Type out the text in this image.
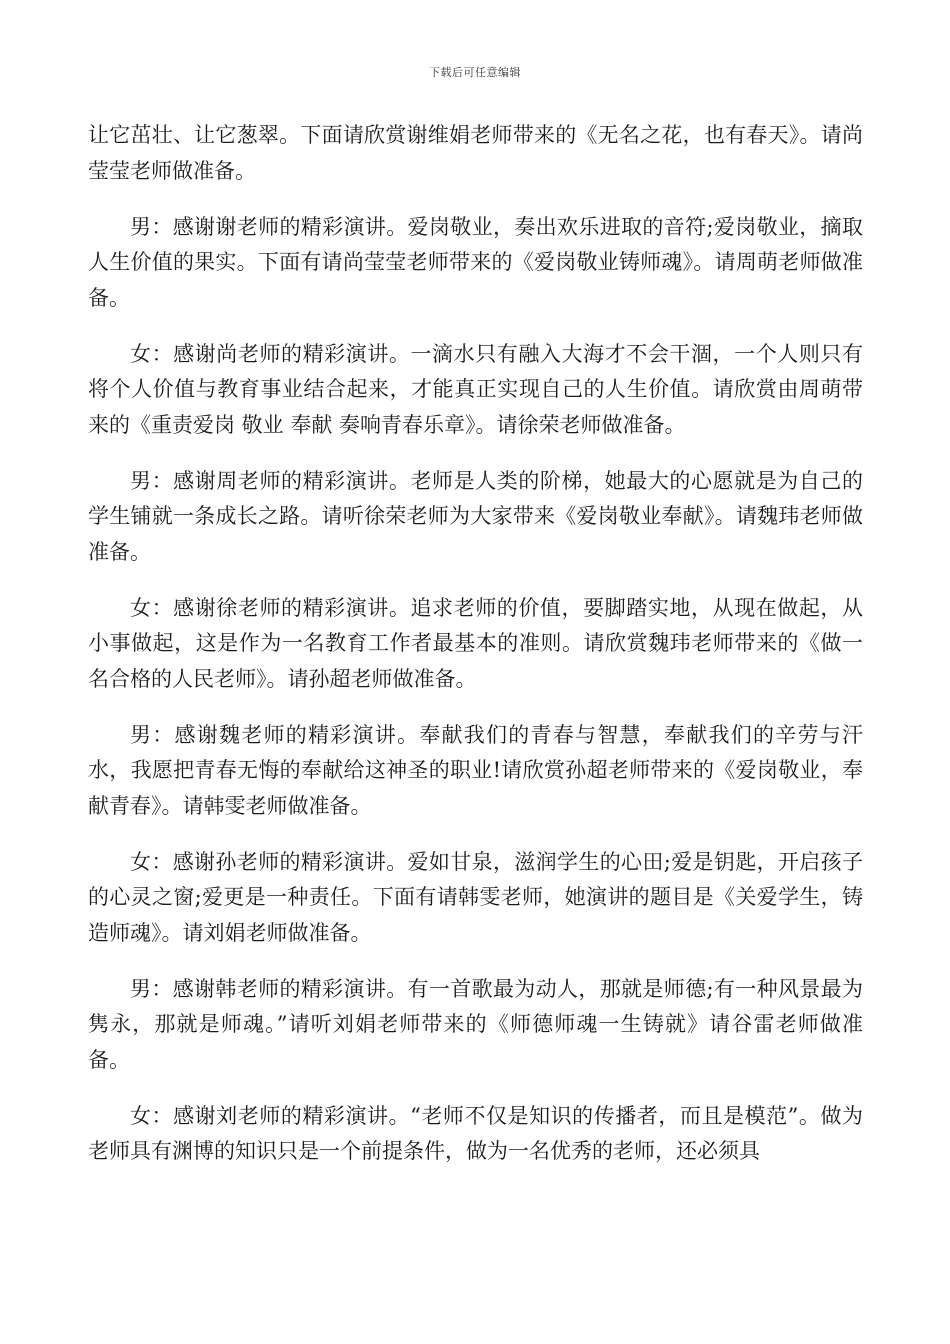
下载后可任意编辑

让它茁壮、让它葱翠。下面请欣赏谢维娟老师带来的《无名之花，也有春天》。请尚莹莹老师做准备。

男：感谢谢老师的精彩演讲。爱岗敬业，奏出欢乐进取的音符;爱岗敬业，摘取人生价值的果实。下面有请尚莹莹老师带来的《爱岗敬业铸师魂》。请周萌老师做准备。

女：感谢尚老师的精彩演讲。一滴水只有融入大海才不会干涸，一个人则只有将个人价值与教育事业结合起来，才能真正实现自己的人生价值。请欣赏由周萌带来的《重责爱岗 敬业 奉献 奏响青春乐章》。请徐荣老师做准备。

男：感谢周老师的精彩演讲。老师是人类的阶梯，她最大的心愿就是为自己的学生铺就一条成长之路。请听徐荣老师为大家带来《爱岗敬业奉献》。请魏玮老师做准备。

女：感谢徐老师的精彩演讲。追求老师的价值，要脚踏实地，从现在做起，从小事做起，这是作为一名教育工作者最基本的准则。请欣赏魏玮老师带来的《做一名合格的人民老师》。请孙超老师做准备。

男：感谢魏老师的精彩演讲。奉献我们的青春与智慧，奉献我们的辛劳与汗水，我愿把青春无悔的奉献给这神圣的职业!请欣赏孙超老师带来的《爱岗敬业，奉献青春》。请韩雯老师做准备。

女：感谢孙老师的精彩演讲。爱如甘泉，滋润学生的心田;爱是钥匙，开启孩子的心灵之窗;爱更是一种责任。下面有请韩雯老师，她演讲的题目是《关爱学生，铸造师魂》。请刘娟老师做准备。

男：感谢韩老师的精彩演讲。有一首歌最为动人，那就是师德;有一种风景最为隽永，那就是师魂。”请听刘娟老师带来的《师德师魂一生铸就》请谷雷老师做准备。

女：感谢刘老师的精彩演讲。“老师不仅是知识的传播者，而且是模范”。做为老师具有渊博的知识只是一个前提条件，做为一名优秀的老师，还必须具
